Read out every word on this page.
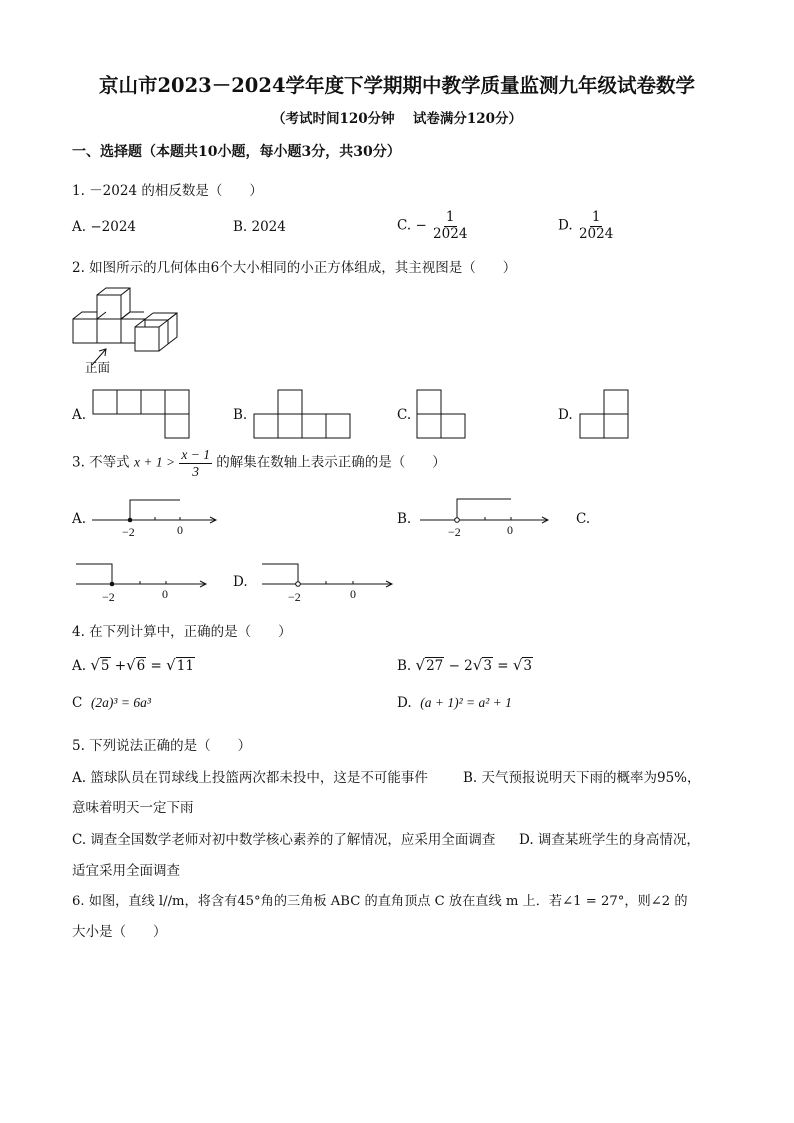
京山市2023－2024学年度下学期期中教学质量监测九年级试卷数学
（考试时间120分钟　 试卷满分120分）
一、选择题（本题共10小题，每小题3分，共30分）
1. －2024 的相反数是（　　）
A. −2024	B. 2024	C. − $\frac{1}{2024}$	D. $\frac{1}{2024}$
2. 如图所示的几何体由6个大小相同的小正方体组成，其主视图是（　　）
正面
A.	B.	C.	D.
3. 不等式 $x + 1 > \frac{x - 1}{3}$ 的解集在数轴上表示正确的是（　　）
A.
−2	0
B.
−2	0
C.
−2	0
D.
−2	0
4. 在下列计算中，正确的是（　　）
A. √5 +√6 = √11	B. √27 − 2√3 = √3
C (2a)³ = 6a³	D. (a + 1)² = a² + 1
5. 下列说法正确的是（　　）
A. 篮球队员在罚球线上投篮两次都未投中，这是不可能事件	B. 天气预报说明天下雨的概率为95%，
意味着明天一定下雨
C. 调查全国数学老师对初中数学核心素养的了解情况，应采用全面调查 D. 调查某班学生的身高情况，
适宜采用全面调查
6. 如图，直线 l//m，将含有45°角的三角板 ABC 的直角顶点 C 放在直线 m 上．若∠1 = 27°，则∠2 的
大小是（　　）
